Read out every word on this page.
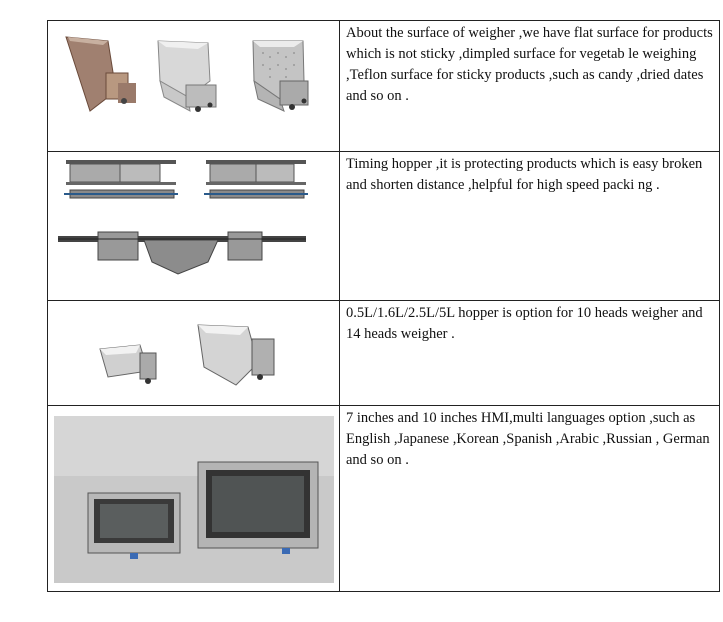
About the surface of weigher ,we have flat surface for products which is not sticky ,dimpled surface for vegetab le weighing ,Teflon surface for sticky products ,such as candy ,dried dates and so on .
Timing hopper ,it is protecting products which is easy broken and shorten distance ,helpful for high speed packi ng .
0.5L/1.6L/2.5L/5L hopper is option for 10 heads weigher and 14 heads weigher .
7 inches and 10 inches HMI,multi languages option ,such as English ,Japanese ,Korean ,Spanish ,Arabic ,Russian , German and so on .
